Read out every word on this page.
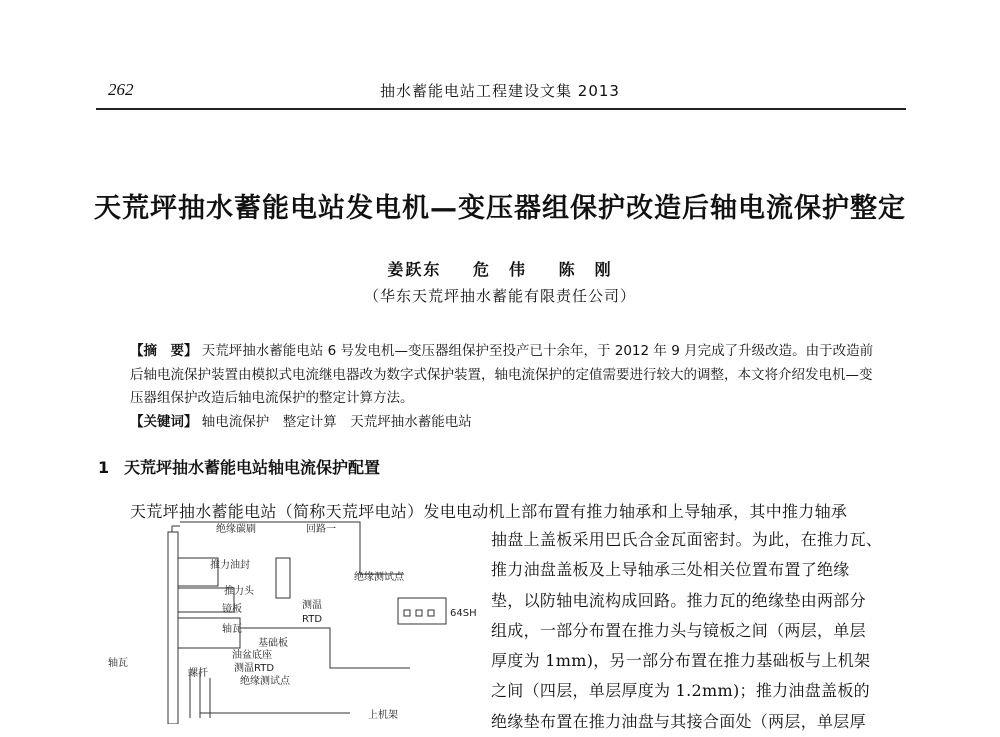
262	抽水蓄能电站工程建设文集 2013
天荒坪抽水蓄能电站发电机—变压器组保护改造后轴电流保护整定
姜跃东 危　伟 陈　刚
（华东天荒坪抽水蓄能有限责任公司）
【摘　要】 天荒坪抽水蓄能电站 6 号发电机—变压器组保护至投产已十余年，于 2012 年 9 月完成了升级改造。由于改造前后轴电流保护装置由模拟式电流继电器改为数字式保护装置，轴电流保护的定值需要进行较大的调整，本文将介绍发电机—变压器组保护改造后轴电流保护的整定计算方法。
【关键词】 轴电流保护　整定计算　天荒坪抽水蓄能电站
1 天荒坪抽水蓄能电站轴电流保护配置
天荒坪抽水蓄能电站（简称天荒坪电站）发电电动机上部布置有推力轴承和上导轴承，其中推力轴承
抽盘上盖板采用巴氏合金瓦面密封。为此，在推力瓦、
推力油盘盖板及上导轴承三处相关位置布置了绝缘
垫，以防轴电流构成回路。推力瓦的绝缘垫由两部分
组成，一部分布置在推力头与镜板之间（两层，单层
厚度为 1mm)，另一部分布置在推力基础板与上机架
之间（四层，单层厚度为 1.2mm)；推力油盘盖板的
绝缘垫布置在推力油盘与其接合面处（两层，单层厚
绝缘碳刷	回路一
推力油封
绝缘测试点
推力头
镜板	测温
RTD
64SH
轴瓦
基础板
油盆底座
测温RTD
轴瓦
螺杆
绝缘测试点
上机架
